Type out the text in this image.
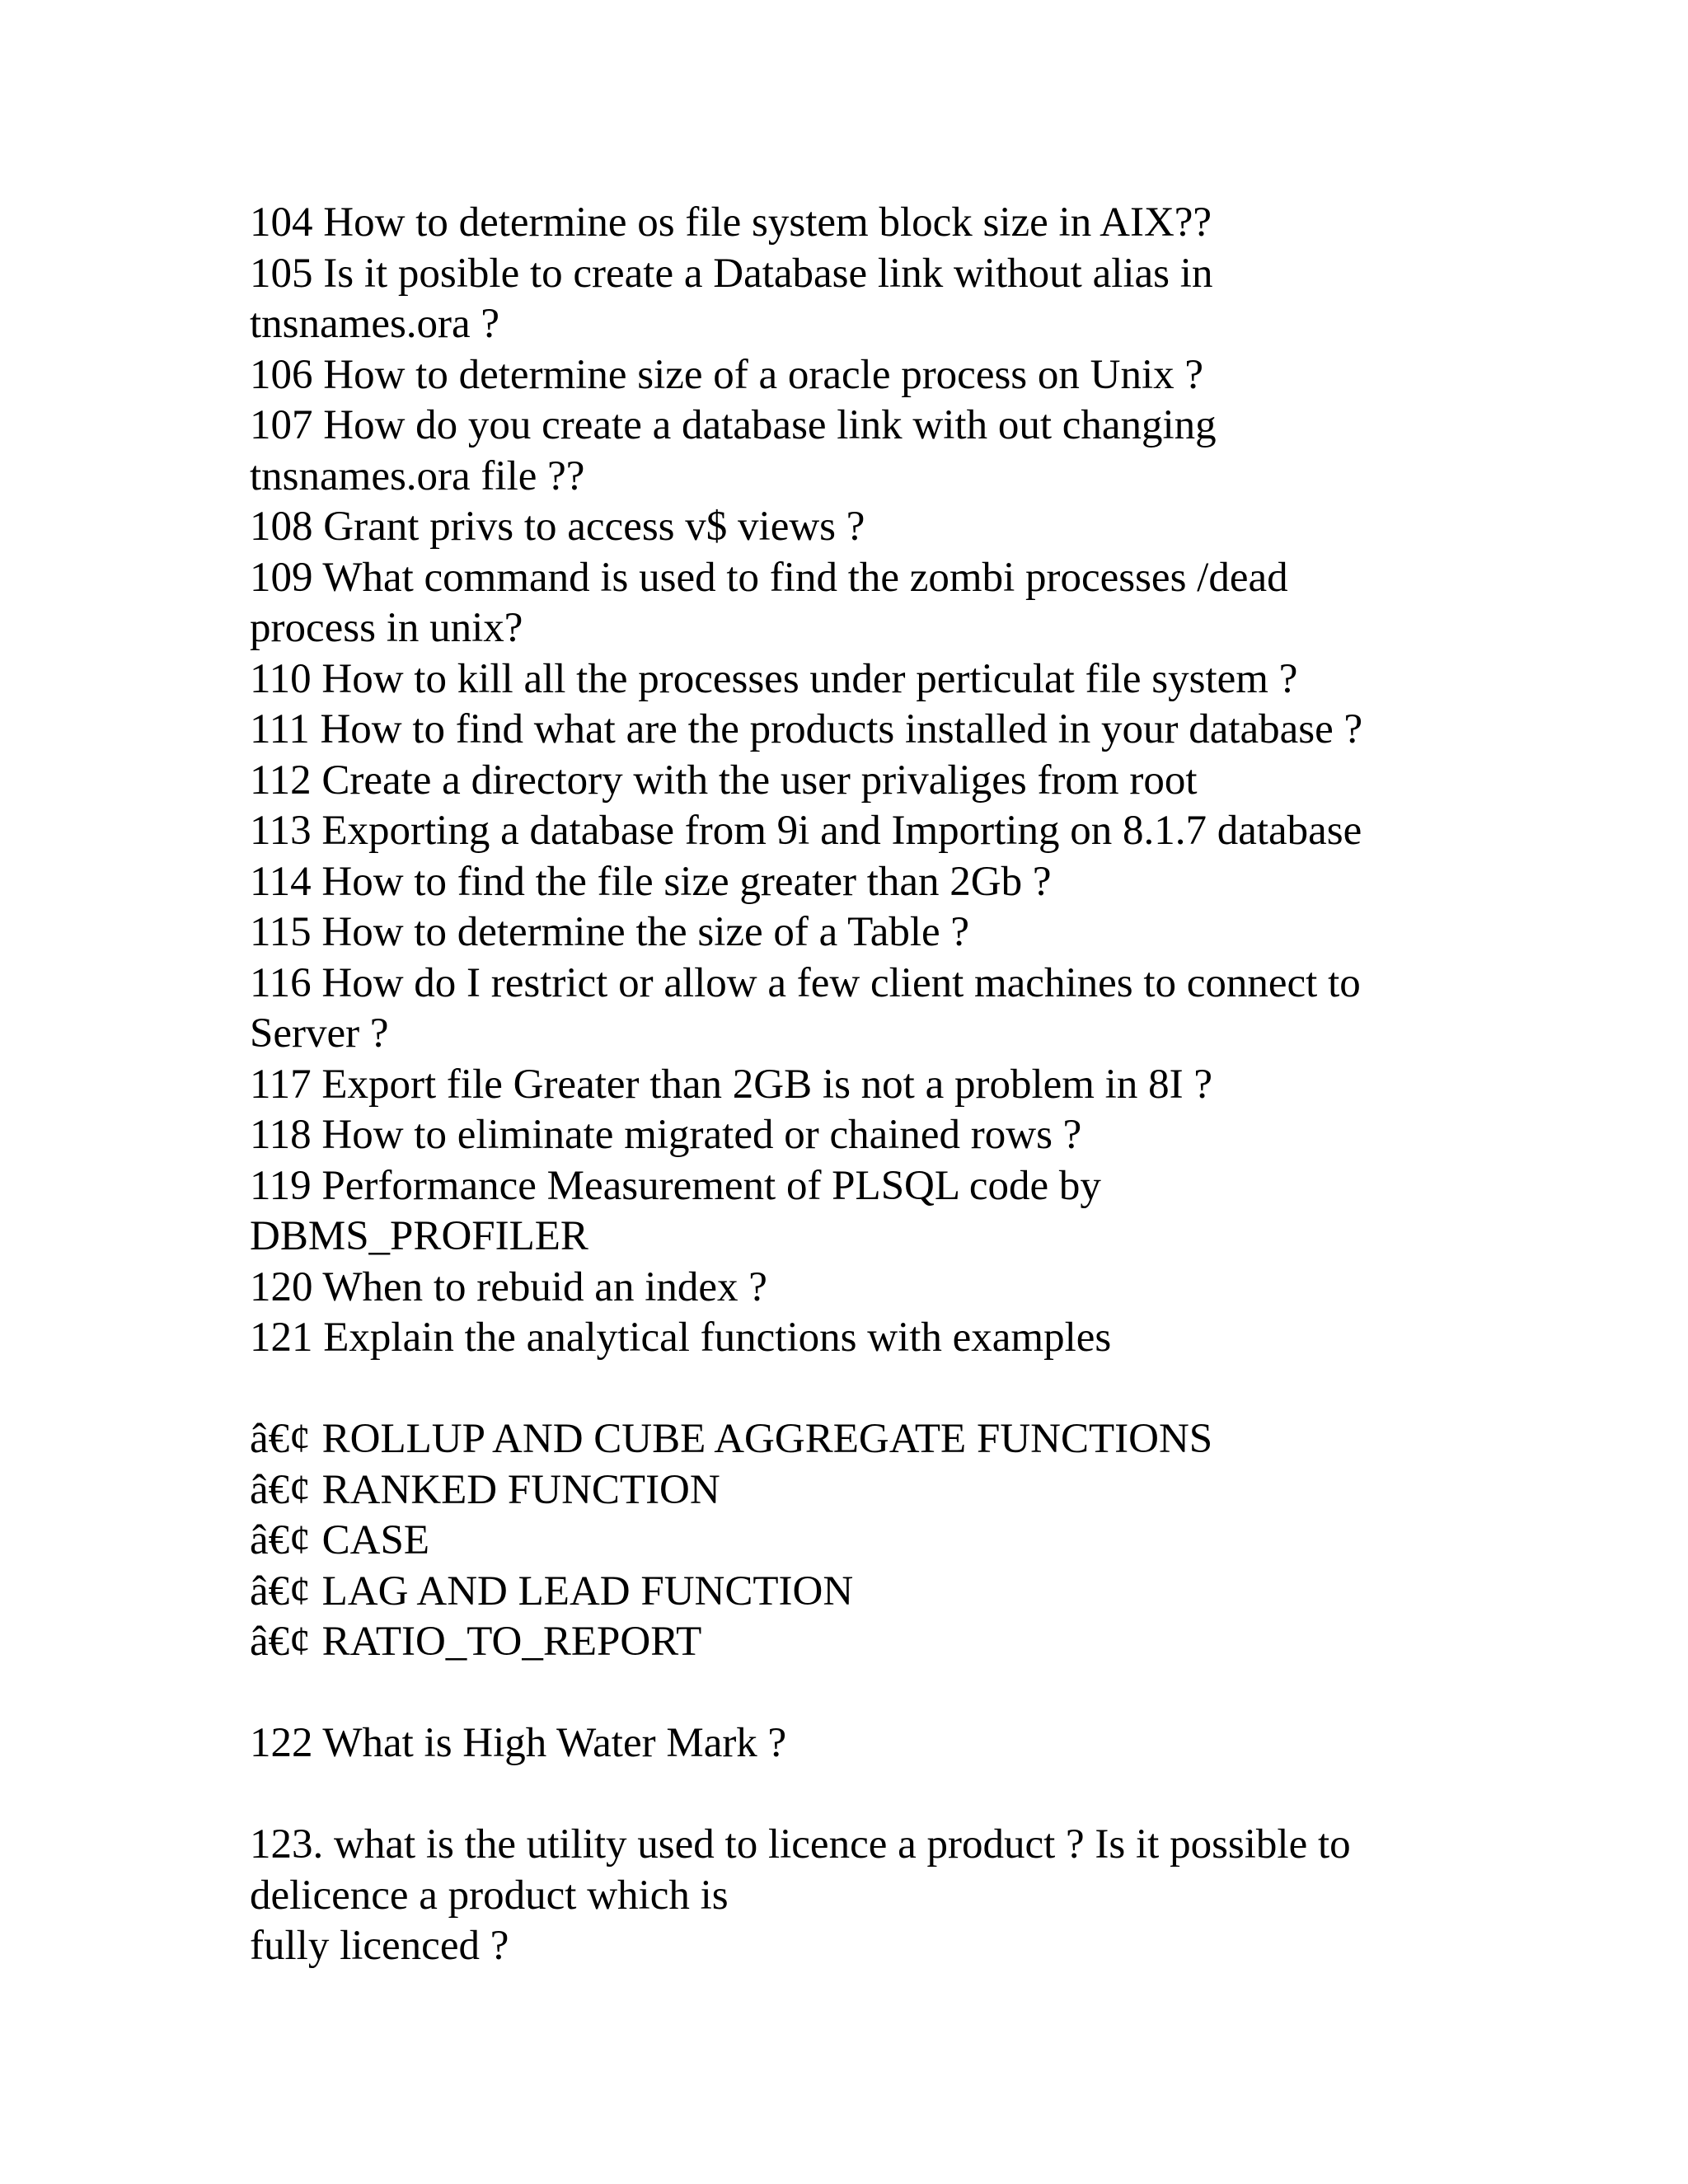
104 How to determine os file system block size in AIX??
105 Is it posible to create a Database link without alias in
tnsnames.ora ?
106 How to determine size of a oracle process on Unix ?
107 How do you create a database link with out changing
tnsnames.ora file ??
108 Grant privs to access v$ views ?
109 What command is used to find the zombi processes /dead
process in unix?
110 How to kill all the processes under perticulat file system ?
111 How to find what are the products installed in your database ?
112 Create a directory with the user privaliges from root
113 Exporting a database from 9i and Importing on 8.1.7 database
114 How to find the file size greater than 2Gb ?
115 How to determine the size of a Table ?
116 How do I restrict or allow a few client machines to connect to
Server ?
117 Export file Greater than 2GB is not a problem in 8I ?
118 How to eliminate migrated or chained rows ?
119 Performance Measurement of PLSQL code by
DBMS_PROFILER
120 When to rebuid an index ?
121 Explain the analytical functions with examples
â€¢ ROLLUP AND CUBE AGGREGATE FUNCTIONS
â€¢ RANKED FUNCTION
â€¢ CASE
â€¢ LAG AND LEAD FUNCTION
â€¢ RATIO_TO_REPORT
122 What is High Water Mark ?
123. what is the utility used to licence a product ? Is it possible to
delicence a product which is
fully licenced ?
